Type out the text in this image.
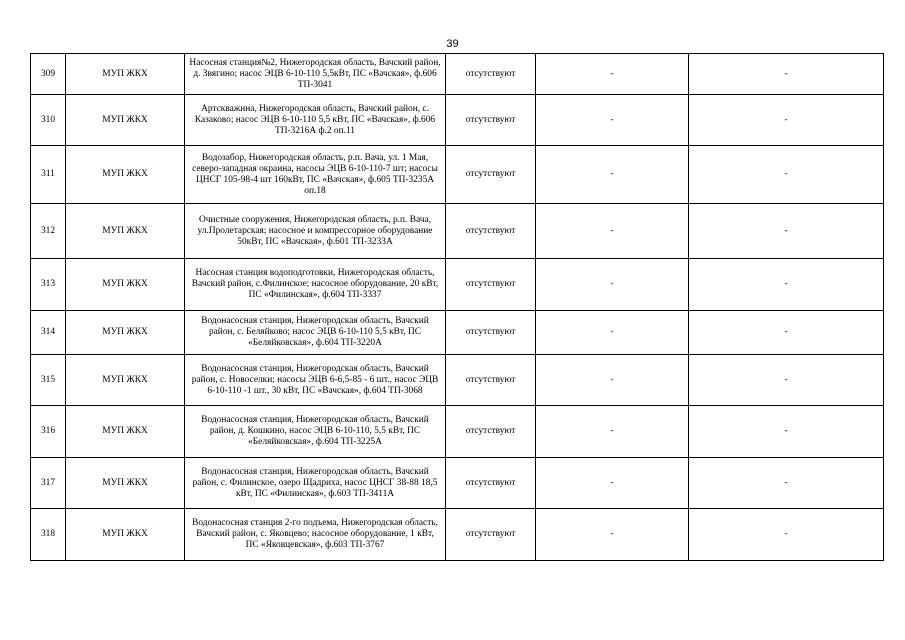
39
309	МУП ЖКХ	Насосная станция№2, Нижегородская область, Вачский район, д. Звягино; насос ЭЦВ 6-10-110 5,5кВт, ПС «Вачская», ф.606 ТП-3041	отсутствуют	-	-
310	МУП ЖКХ	Артскважина, Нижегородская область, Вачский район, с. Казаково; насос ЭЦВ 6-10-110 5,5 кВт, ПС «Вачская», ф.606 ТП-3216А ф.2 оп.11	отсутствуют	-	-
311	МУП ЖКХ	Водозабор, Нижегородская область, р.п. Вача, ул. 1 Мая, северо-западная окраина, насосы ЭЦВ 6-10-110-7 шт; насосы ЦНСГ 105-98-4 шт 160кВт, ПС «Вачская», ф.605 ТП-3235А оп.18	отсутствуют	-	-
312	МУП ЖКХ	Очистные сооружения, Нижегородская область, р.п. Вача, ул.Пролетарская; насосное и компрессорное оборудование 50кВт, ПС «Вачская», ф.601 ТП-3233А	отсутствуют	-	-
313	МУП ЖКХ	Насосная станция водоподготовки, Нижегородская область, Вачский район, с.Филинское; насосное оборудование, 20 кВт, ПС «Филинская», ф.604 ТП-3337	отсутствуют	-	-
314	МУП ЖКХ	Водонасосная станция, Нижегородская область, Вачский район, с. Беляйково; насос ЭЦВ 6-10-110 5,5 кВт, ПС «Беляйковская», ф.604 ТП-3220А	отсутствуют	-	-
315	МУП ЖКХ	Водонасосная станция, Нижегородская область, Вачский район, с. Новоселки; насосы ЭЦВ 6-6,5-85 - 6 шт., насос ЭЦВ 6-10-110 -1 шт., 30 кВт, ПС «Вачская», ф.604 ТП-3068	отсутствуют	-	-
316	МУП ЖКХ	Водонасосная станция, Нижегородская область, Вачский район, д. Кошкино, насос ЭЦВ 6-10-110, 5,5 кВт, ПС «Беляйковская», ф.604 ТП-3225А	отсутствуют	-	-
317	МУП ЖКХ	Водонасосная станция, Нижегородская область, Вачский район, с. Филинское, озеро Щадриха, насос ЦНСГ 38-88 18,5 кВт, ПС «Филинская», ф.603 ТП-3411А	отсутствуют	-	-
318	МУП ЖКХ	Водонасосная станция 2-го подъема, Нижегородская область, Вачский район, с. Яковцево; насосное оборудование, 1 кВт, ПС «Яковцевская», ф.603 ТП-3767	отсутствуют	-	-
